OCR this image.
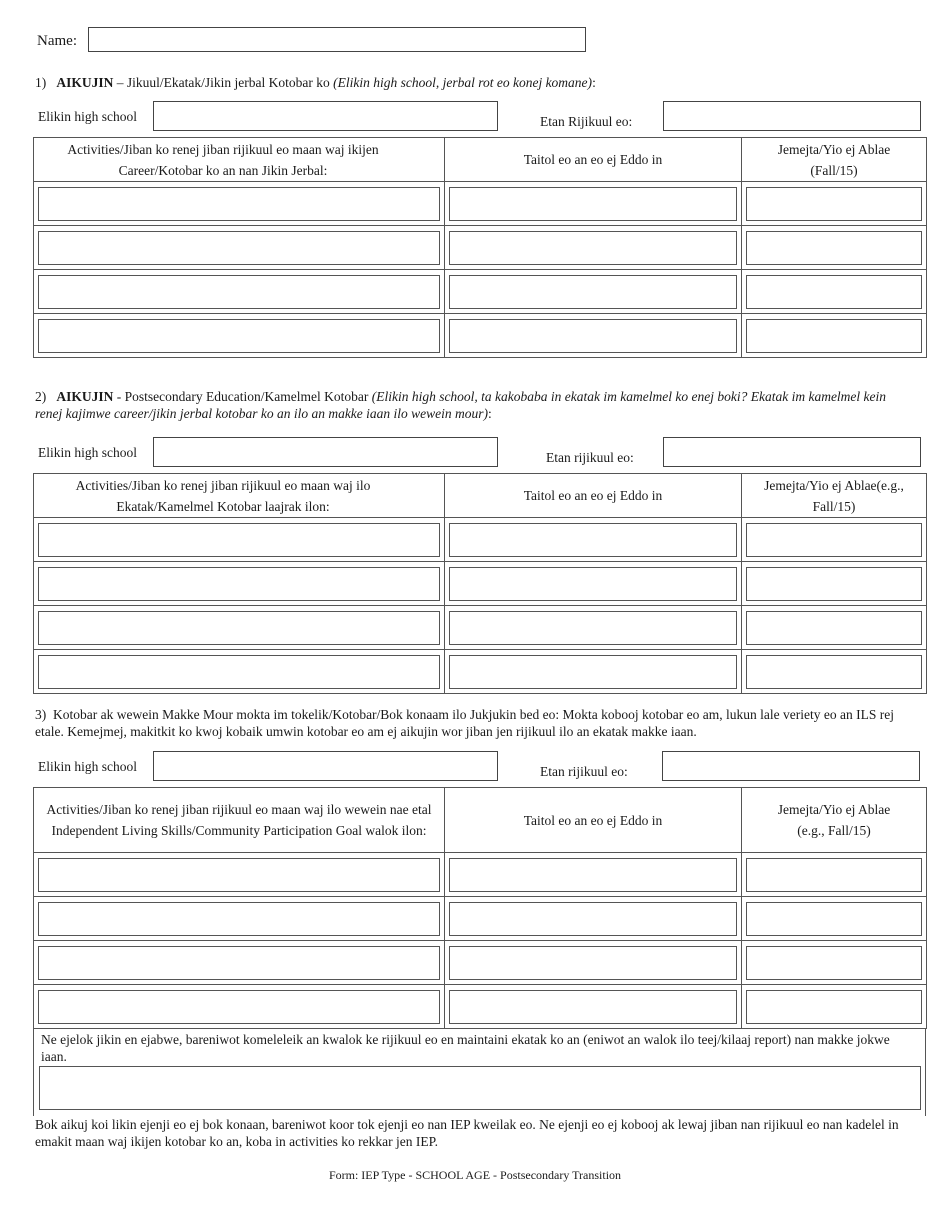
Name:
1) AIKUJIN – Jikuul/Ekatak/Jikin jerbal Kotobar ko (Elikin high school, jerbal rot eo konej komane):
Elikin high school	Etan Rijikuul eo:
Activities/Jiban ko renej jiban rijikuul eo maan waj ikijen Career/Kotobar ko an nan Jikin Jerbal:	Taitol eo an eo ej Eddo in	Jemejta/Yio ej Ablae (Fall/15)

2) AIKUJIN - Postsecondary Education/Kamelmel Kotobar (Elikin high school, ta kakobaba in ekatak im kamelmel ko enej boki? Ekatak im kamelmel kein renej kajimwe career/jikin jerbal kotobar ko an ilo an makke iaan ilo wewein mour):
Elikin high school	Etan rijikuul eo:
Activities/Jiban ko renej jiban rijikuul eo maan waj ilo Ekatak/Kamelmel Kotobar laajrak ilon:	Taitol eo an eo ej Eddo in	Jemejta/Yio ej Ablae(e.g., Fall/15)

3) Kotobar ak wewein Makke Mour mokta im tokelik/Kotobar/Bok konaam ilo Jukjukin bed eo: Mokta kobooj kotobar eo am, lukun lale veriety eo an ILS rej etale. Kemejmej, makitkit ko kwoj kobaik umwin kotobar eo am ej aikujin wor jiban jen rijikuul ilo an ekatak makke iaan.
Elikin high school	Etan rijikuul eo:
Activities/Jiban ko renej jiban rijikuul eo maan waj ilo wewein nae etal Independent Living Skills/Community Participation Goal walok ilon:	Taitol eo an eo ej Eddo in	Jemejta/Yio ej Ablae (e.g., Fall/15)

Ne ejelok jikin en ejabwe, bareniwot komeleleik an kwalok ke rijikuul eo en maintaini ekatak ko an (eniwot an walok ilo teej/kilaaj report) nan makke jokwe iaan.
Bok aikuj koi likin ejenji eo ej bok konaan, bareniwot koor tok ejenji eo nan IEP kweilak eo. Ne ejenji eo ej kobooj ak lewaj jiban nan rijikuul eo nan kadelel in emakit maan waj ikijen kotobar ko an, koba in activities ko rekkar jen IEP.
Form: IEP Type - SCHOOL AGE - Postsecondary Transition
